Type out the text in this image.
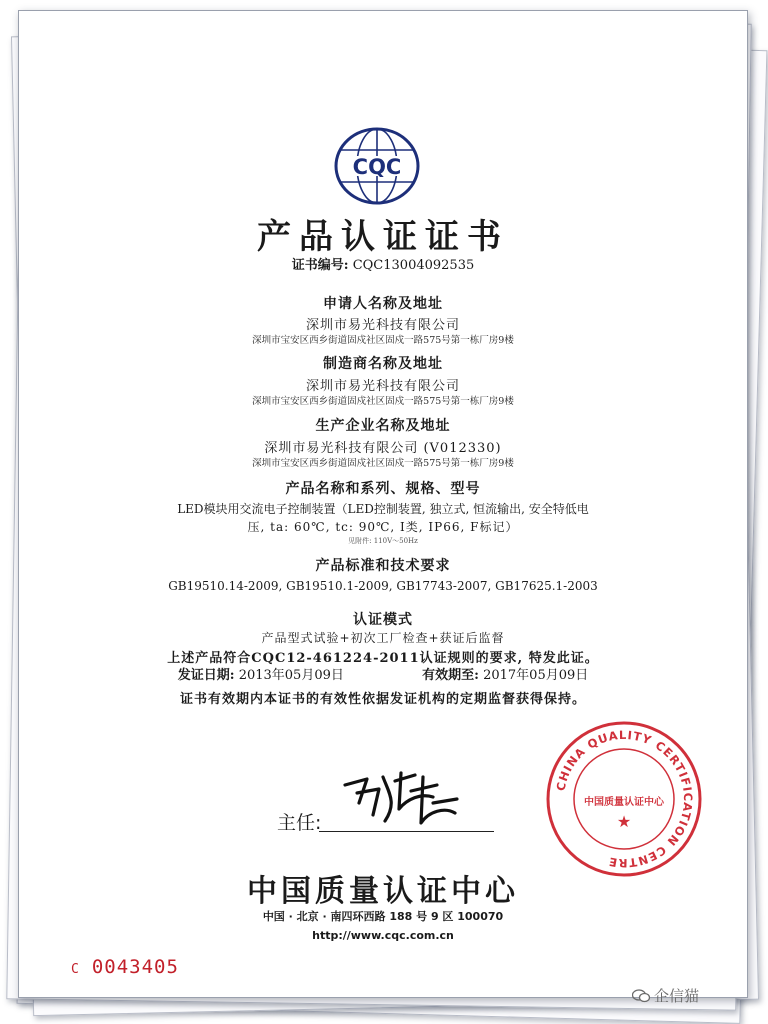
CQC
产品认证证书
证书编号: CQC13004092535
申请人名称及地址
深圳市易光科技有限公司
深圳市宝安区西乡街道固戍社区固戍一路575号第一栋厂房9楼
制造商名称及地址
深圳市易光科技有限公司
深圳市宝安区西乡街道固戍社区固戍一路575号第一栋厂房9楼
生产企业名称及地址
深圳市易光科技有限公司 (V012330)
深圳市宝安区西乡街道固戍社区固戍一路575号第一栋厂房9楼
产品名称和系列、规格、型号
LED模块用交流电子控制装置（LED控制装置, 独立式, 恒流输出, 安全特低电
压, ta: 60℃, tc: 90℃, Ⅰ类, IP66, F标记）
见附件: 110V～50Hz
产品标准和技术要求
GB19510.14-2009, GB19510.1-2009, GB17743-2007, GB17625.1-2003
认证模式
产品型式试验+初次工厂检查+获证后监督
上述产品符合CQC12-461224-2011认证规则的要求, 特发此证。
发证日期: 2013年05月09日	有效期至: 2017年05月09日
证书有效期内本证书的有效性依据发证机构的定期监督获得保持。
CHINA QUALITY CERTIFICATION CENTRE
中国质量认证中心
★
主任:
中国质量认证中心
中国 · 北京 · 南四环西路 188 号 9 区 100070
http://www.cqc.com.cn
C 0043405
企信猫
